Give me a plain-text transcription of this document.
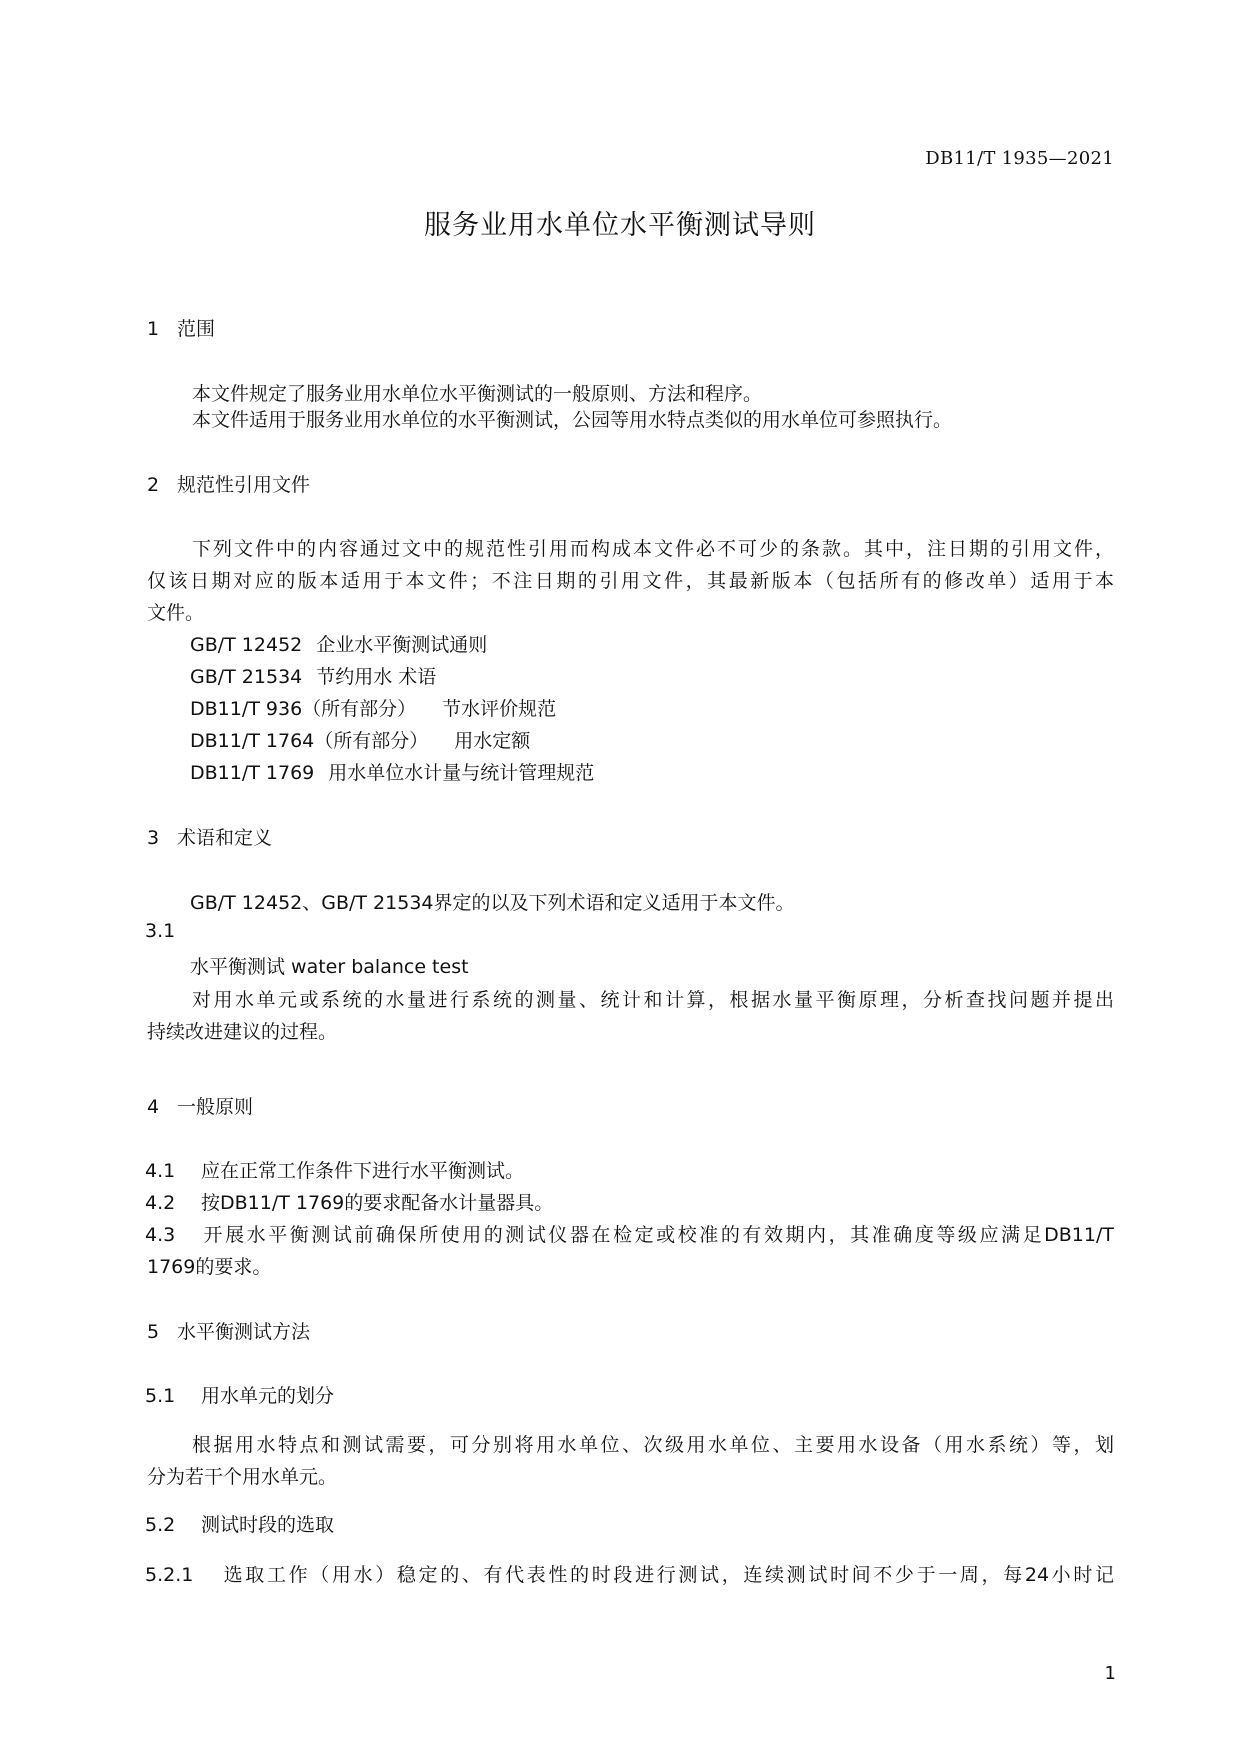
DB11/T 1935—2021
服务业用水单位水平衡测试导则
1 范围
本文件规定了服务业用水单位水平衡测试的一般原则、方法和程序。
本文件适用于服务业用水单位的水平衡测试，公园等用水特点类似的用水单位可参照执行。
2 规范性引用文件
下列文件中的内容通过文中的规范性引用而构成本文件必不可少的条款。其中，注日期的引用文件，
仅该日期对应的版本适用于本文件；不注日期的引用文件，其最新版本（包括所有的修改单）适用于本
文件。
GB/T 12452 企业水平衡测试通则
GB/T 21534 节约用水 术语
DB11/T 936（所有部分） 节水评价规范
DB11/T 1764（所有部分） 用水定额
DB11/T 1769 用水单位水计量与统计管理规范
3 术语和定义
GB/T 12452、GB/T 21534界定的以及下列术语和定义适用于本文件。
3.1
水平衡测试 water balance test
对用水单元或系统的水量进行系统的测量、统计和计算，根据水量平衡原理，分析查找问题并提出
持续改进建议的过程。
4 一般原则
4.1 应在正常工作条件下进行水平衡测试。
4.2 按DB11/T 1769的要求配备水计量器具。
4.3 开展水平衡测试前确保所使用的测试仪器在检定或校准的有效期内，其准确度等级应满足DB11/T
1769的要求。
5 水平衡测试方法
5.1 用水单元的划分
根据用水特点和测试需要，可分别将用水单位、次级用水单位、主要用水设备（用水系统）等，划
分为若干个用水单元。
5.2 测试时段的选取
5.2.1 选取工作（用水）稳定的、有代表性的时段进行测试，连续测试时间不少于一周，每24小时记
1
